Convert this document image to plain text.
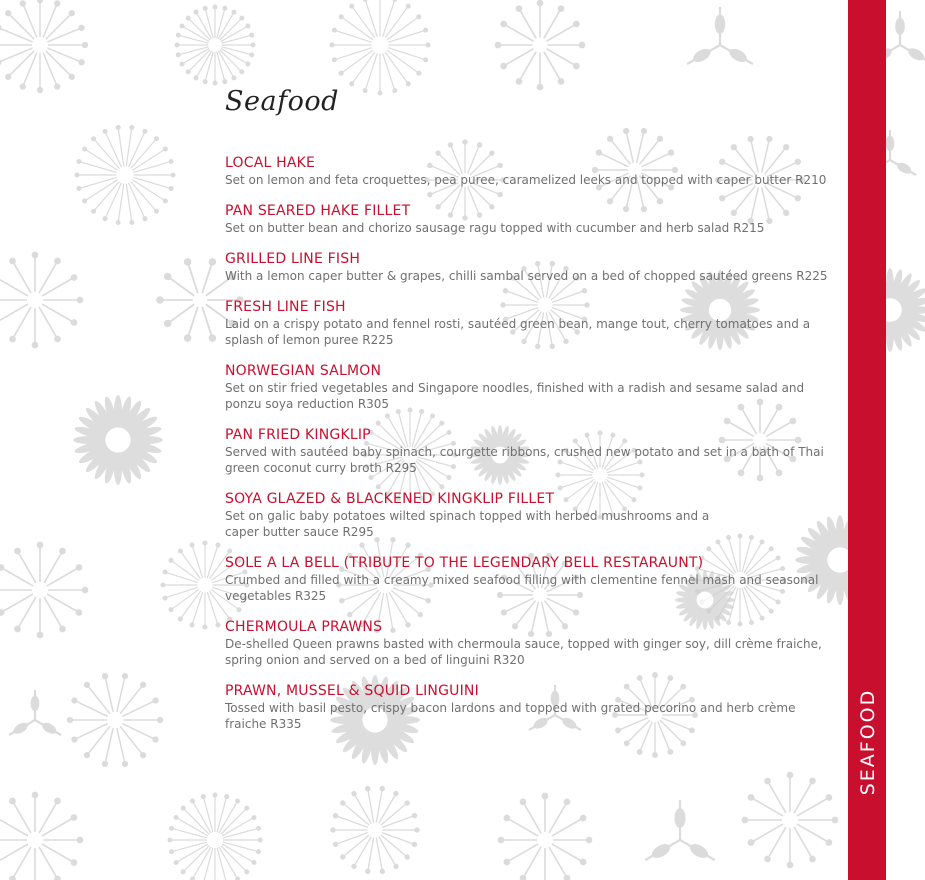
SEAFOOD
Seafood
LOCAL HAKE
Set on lemon and feta croquettes, pea puree, caramelized leeks and topped with caper butter R210
PAN SEARED HAKE FILLET
Set on butter bean and chorizo sausage ragu topped with cucumber and herb salad R215
GRILLED LINE FISH
With a lemon caper butter & grapes, chilli sambal served on a bed of chopped sautéed greens R225
FRESH LINE FISH
Laid on a crispy potato and fennel rosti, sautéed green bean, mange tout, cherry tomatoes and a splash of lemon puree R225
NORWEGIAN SALMON
Set on stir fried vegetables and Singapore noodles, finished with a radish and sesame salad and ponzu soya reduction R305
PAN FRIED KINGKLIP
Served with sautéed baby spinach, courgette ribbons, crushed new potato and set in a bath of Thai green coconut curry broth R295
SOYA GLAZED & BLACKENED KINGKLIP FILLET
Set on galic baby potatoes wilted spinach topped with herbed mushrooms and a caper butter sauce R295
SOLE A LA BELL (TRIBUTE TO THE LEGENDARY BELL RESTARAUNT)
Crumbed and filled with a creamy mixed seafood filling with clementine fennel mash and seasonal vegetables R325
CHERMOULA PRAWNS
De-shelled Queen prawns basted with chermoula sauce, topped with ginger soy, dill crème fraiche, spring onion and served on a bed of linguini R320
PRAWN, MUSSEL & SQUID LINGUINI
Tossed with basil pesto, crispy bacon lardons and topped with grated pecorino and herb crème fraiche R335
